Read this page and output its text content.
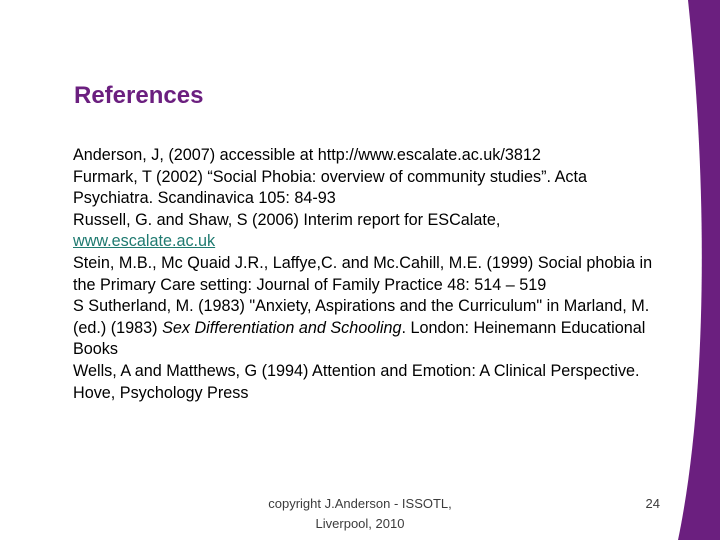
References

Anderson, J, (2007) accessible at http://www.escalate.ac.uk/3812

Furmark, T (2002) “Social Phobia: overview of community studies”. Acta Psychiatra. Scandinavica 105: 84-93

Russell, G. and Shaw, S (2006) Interim report for ESCalate,
www.escalate.ac.uk

Stein, M.B., Mc Quaid J.R., Laffye,C. and Mc.Cahill, M.E. (1999) Social phobia in the Primary Care setting: Journal of Family Practice 48: 514 – 519

S Sutherland, M. (1983) "Anxiety, Aspirations and the Curriculum" in Marland, M. (ed.) (1983) Sex Differentiation and Schooling. London: Heinemann Educational Books

Wells, A and Matthews, G (1994) Attention and Emotion: A Clinical Perspective. Hove, Psychology Press

copyright J.Anderson - ISSOTL, Liverpool, 2010
24
